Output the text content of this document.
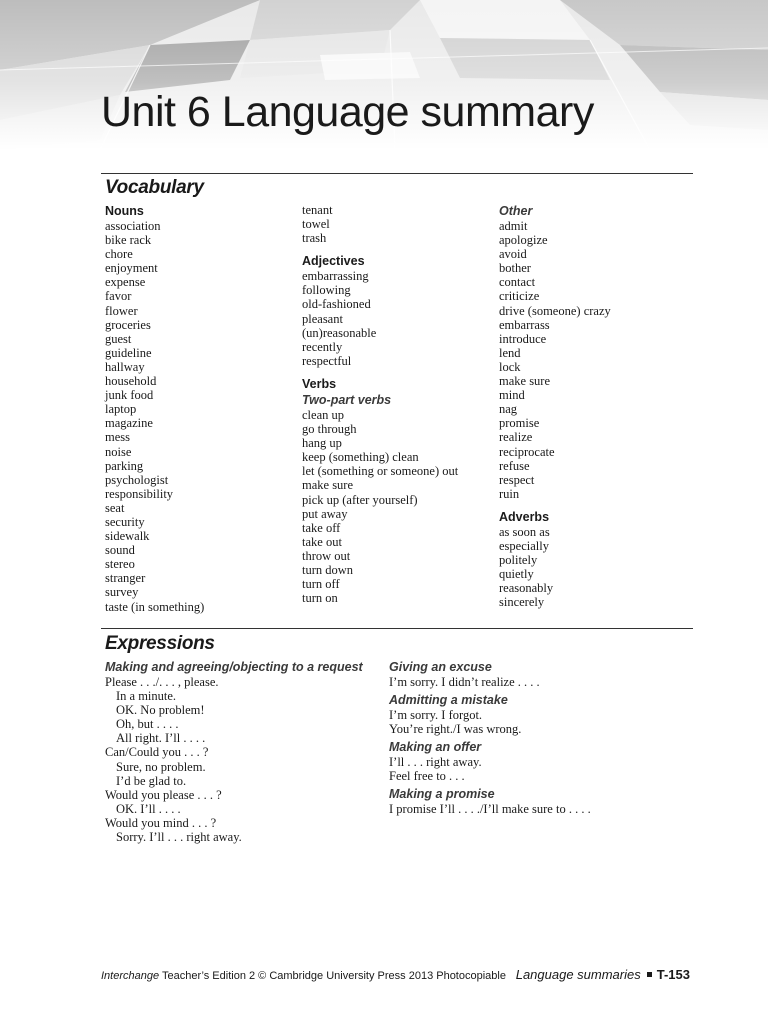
Unit 6 Language summary
Vocabulary
Nouns
association
bike rack
chore
enjoyment
expense
favor
flower
groceries
guest
guideline
hallway
household
junk food
laptop
magazine
mess
noise
parking
psychologist
responsibility
seat
security
sidewalk
sound
stereo
stranger
survey
taste (in something)
tenant
towel
trash
Adjectives
embarrassing
following
old-fashioned
pleasant
(un)reasonable
recently
respectful
Verbs
Two-part verbs
clean up
go through
hang up
keep (something) clean
let (something or someone) out
make sure
pick up (after yourself)
put away
take off
take out
throw out
turn down
turn off
turn on
Other
admit
apologize
avoid
bother
contact
criticize
drive (someone) crazy
embarrass
introduce
lend
lock
make sure
mind
nag
promise
realize
reciprocate
refuse
respect
ruin
Adverbs
as soon as
especially
politely
quietly
reasonably
sincerely
Expressions
Making and agreeing/objecting to a request
Please . . ./. . . , please.
In a minute.
OK. No problem!
Oh, but . . . .
All right. I’ll . . . .
Can/Could you . . . ?
Sure, no problem.
I’d be glad to.
Would you please . . . ?
OK. I’ll . . . .
Would you mind . . . ?
Sorry. I’ll . . . right away.
Giving an excuse
I’m sorry. I didn’t realize . . . .
Admitting a mistake
I’m sorry. I forgot.
You’re right./I was wrong.
Making an offer
I’ll . . . right away.
Feel free to . . .
Making a promise
I promise I’ll . . . ./I’ll make sure to . . . .
Interchange Teacher’s Edition 2 © Cambridge University Press 2013 Photocopiable Language summaries T-153
